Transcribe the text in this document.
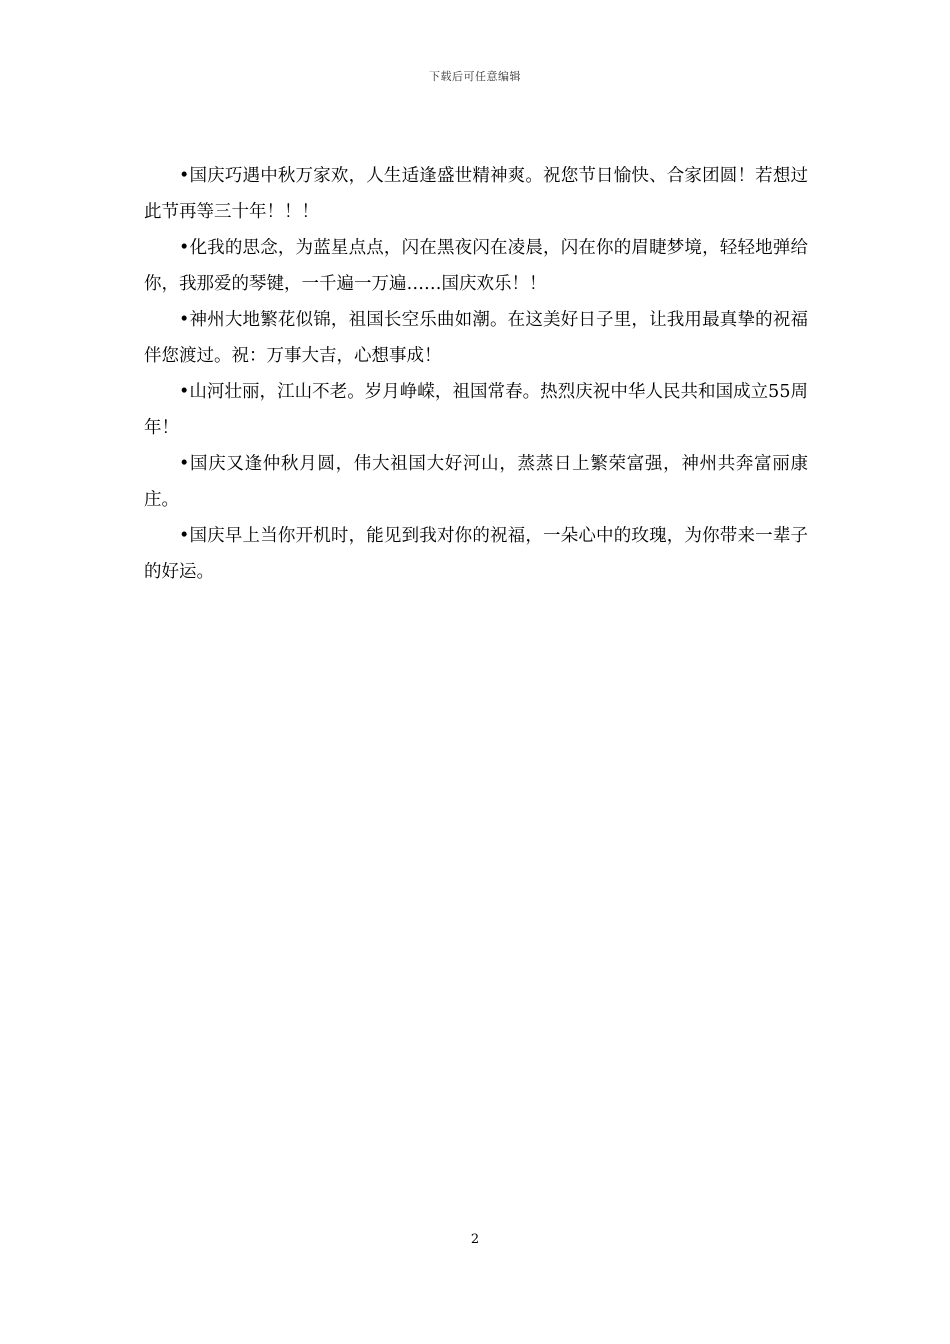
下载后可任意编辑

•国庆巧遇中秋万家欢，人生适逢盛世精神爽。祝您节日愉快、合家团圆！若想过此节再等三十年！！！

•化我的思念，为蓝星点点，闪在黑夜闪在凌晨，闪在你的眉睫梦境，轻轻地弹给你，我那爱的琴键，一千遍一万遍……国庆欢乐！！

•神州大地繁花似锦，祖国长空乐曲如潮。在这美好日子里，让我用最真挚的祝福伴您渡过。祝：万事大吉，心想事成！

•山河壮丽，江山不老。岁月峥嵘，祖国常春。热烈庆祝中华人民共和国成立55周年！

•国庆又逢仲秋月圆，伟大祖国大好河山，蒸蒸日上繁荣富强，神州共奔富丽康庄。

•国庆早上当你开机时，能见到我对你的祝福，一朵心中的玫瑰，为你带来一辈子的好运。

2
